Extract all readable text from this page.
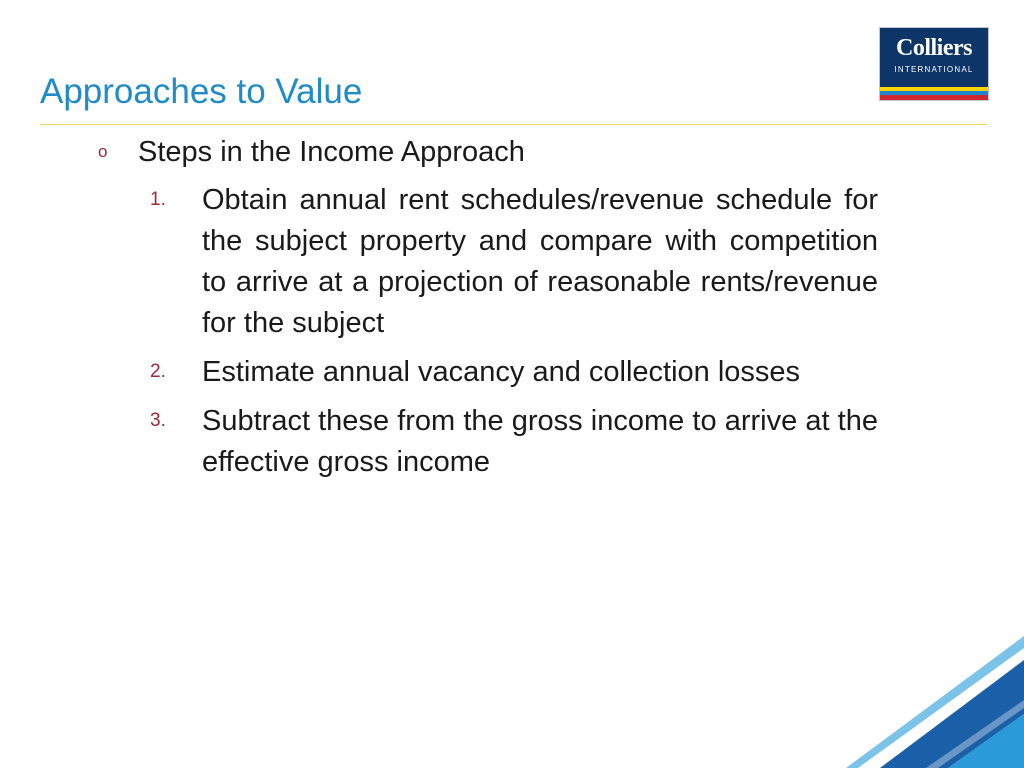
Approaches to Value
Colliers
INTERNATIONAL
o Steps in the Income Approach
1. Obtain annual rent schedules/revenue schedule for the subject property and compare with competition to arrive at a projection of reasonable rents/revenue for the subject
2. Estimate annual vacancy and collection losses
3. Subtract these from the gross income to arrive at the effective gross income
